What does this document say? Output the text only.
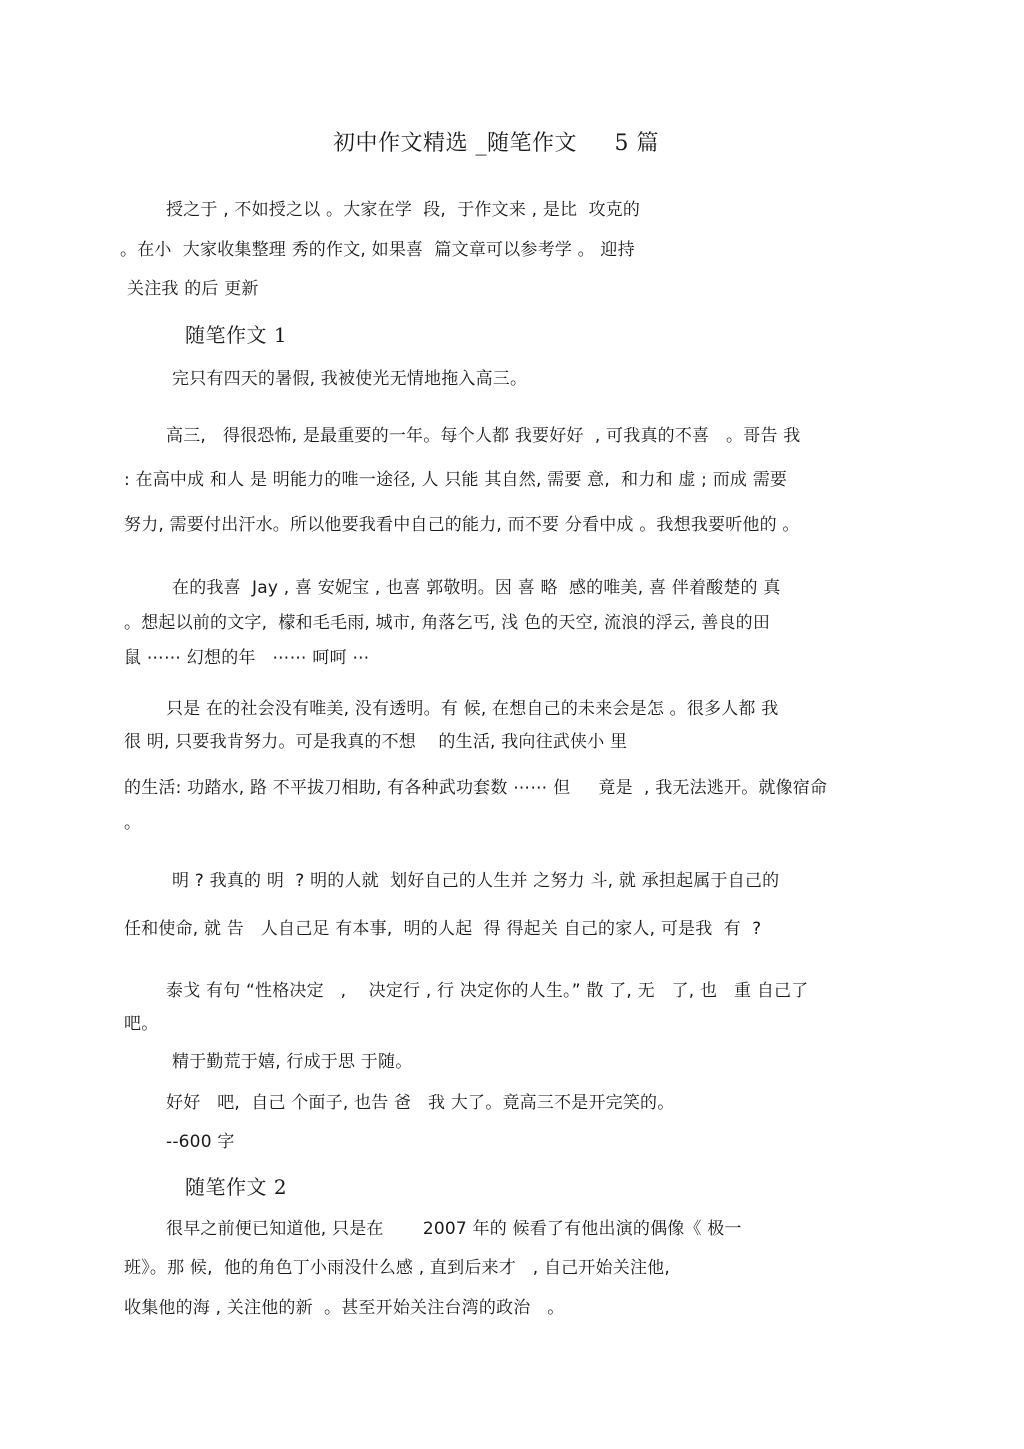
初中作文精选 _随笔作文     5 篇
授之于 , 不如授之以 。大家在学  段,  于作文来 , 是比  攻克的
。在小  大家收集整理 秀的作文, 如果喜  篇文章可以参考学 。 迎持
关注我 的后 更新
随笔作文 1
完只有四天的暑假, 我被使光无情地拖入高三。
高三,   得很恐怖, 是最重要的一年。每个人都 我要好好  , 可我真的不喜   。哥告 我
: 在高中成 和人 是 明能力的唯一途径, 人 只能 其自然, 需要 意,  和力和 虚 ; 而成 需要
努力, 需要付出汗水。所以他要我看中自己的能力, 而不要 分看中成 。我想我要听他的 。
在的我喜  Jay , 喜 安妮宝 , 也喜 郭敬明。因 喜 略  感的唯美, 喜 伴着酸楚的 真
。想起以前的文字,  檬和毛毛雨, 城市, 角落乞丐, 浅 色的天空, 流浪的浮云, 善良的田
鼠 ⋯⋯ 幻想的年   ⋯⋯ 呵呵 ⋯
只是 在的社会没有唯美, 没有透明。有 候, 在想自己的未来会是怎 。很多人都 我
很 明, 只要我肯努力。可是我真的不想    的生活, 我向往武侠小 里
的生活: 功踏水, 路 不平拔刀相助, 有各种武功套数 ⋯⋯ 但     竟是  , 我无法逃开。就像宿命
。
明 ? 我真的 明  ? 明的人就  划好自己的人生并 之努力 斗, 就 承担起属于自己的
任和使命, 就 告   人自己足 有本事,  明的人起  得 得起关 自己的家人, 可是我  有  ?
泰戈 有句 “性格决定   ,    决定行 , 行 决定你的人生。” 散 了, 无   了, 也   重 自己了
吧。
精于勤荒于嬉, 行成于思 于随。
好好   吧,  自己 个面子, 也告 爸   我 大了。竟高三不是开完笑的。
--600 字
随笔作文 2
很早之前便已知道他, 只是在       2007 年的 候看了有他出演的偶像《 极一
班》。那 候,  他的角色丁小雨没什么感 , 直到后来才   , 自己开始关注他,
收集他的海 , 关注他的新  。甚至开始关注台湾的政治   。
